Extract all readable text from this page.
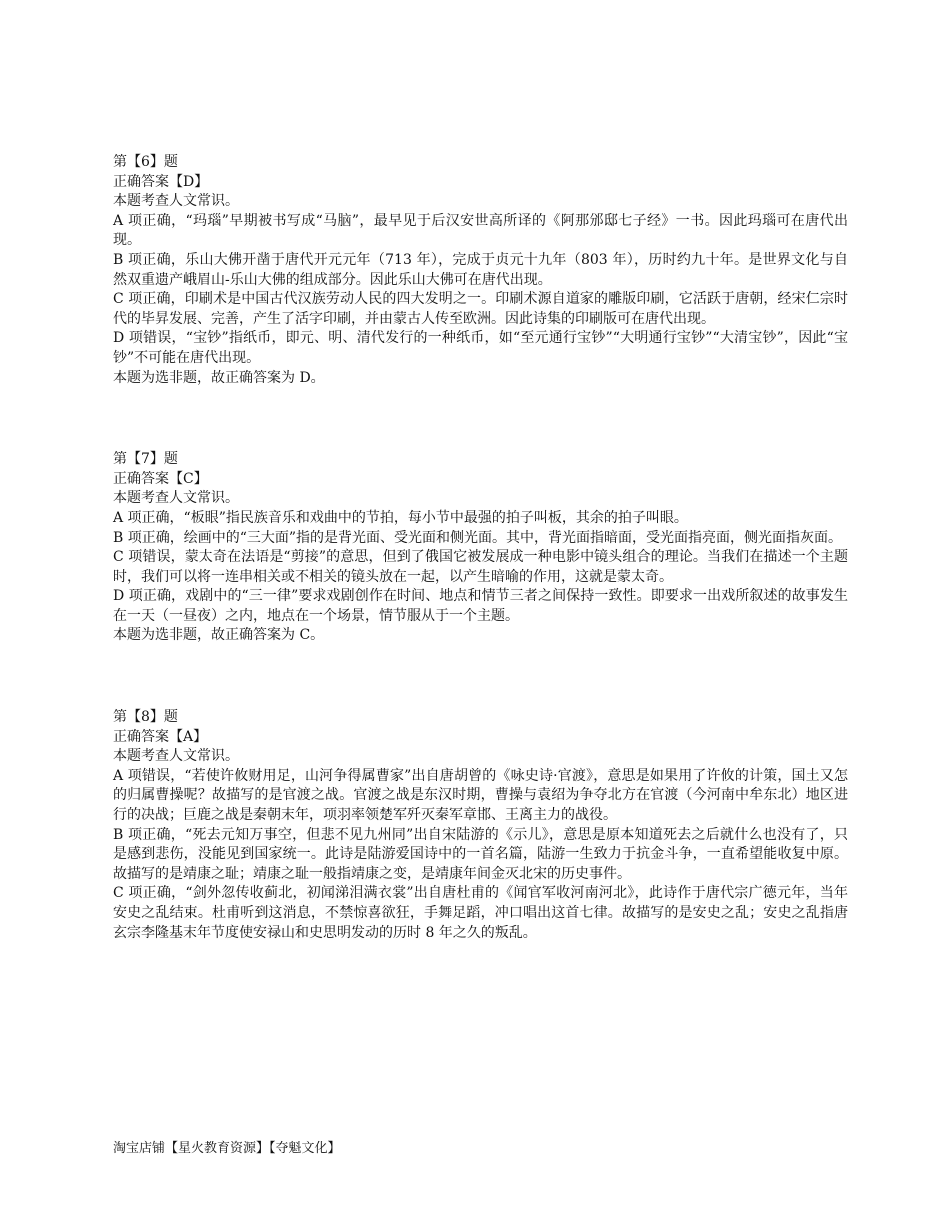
第【6】题

正确答案【D】

本题考查人文常识。

A 项正确，“玛瑙”早期被书写成“马脑”，最早见于后汉安世高所译的《阿那邠邸七子经》一书。因此玛瑙可在唐代出现。

B 项正确，乐山大佛开凿于唐代开元元年（713 年），完成于贞元十九年（803 年），历时约九十年。是世界文化与自然双重遗产峨眉山-乐山大佛的组成部分。因此乐山大佛可在唐代出现。

C 项正确，印刷术是中国古代汉族劳动人民的四大发明之一。印刷术源自道家的雕版印刷，它活跃于唐朝，经宋仁宗时代的毕昇发展、完善，产生了活字印刷，并由蒙古人传至欧洲。因此诗集的印刷版可在唐代出现。

D 项错误，“宝钞”指纸币，即元、明、清代发行的一种纸币，如“至元通行宝钞”“大明通行宝钞”“大清宝钞”，因此“宝钞”不可能在唐代出现。

本题为选非题，故正确答案为 D。

第【7】题

正确答案【C】

本题考查人文常识。

A 项正确，“板眼”指民族音乐和戏曲中的节拍，每小节中最强的拍子叫板，其余的拍子叫眼。

B 项正确，绘画中的“三大面”指的是背光面、受光面和侧光面。其中，背光面指暗面，受光面指亮面，侧光面指灰面。

C 项错误，蒙太奇在法语是“剪接”的意思，但到了俄国它被发展成一种电影中镜头组合的理论。当我们在描述一个主题时，我们可以将一连串相关或不相关的镜头放在一起，以产生暗喻的作用，这就是蒙太奇。

D 项正确，戏剧中的“三一律”要求戏剧创作在时间、地点和情节三者之间保持一致性。即要求一出戏所叙述的故事发生在一天（一昼夜）之内，地点在一个场景，情节服从于一个主题。

本题为选非题，故正确答案为 C。

第【8】题

正确答案【A】

本题考查人文常识。

A 项错误，“若使许攸财用足，山河争得属曹家”出自唐胡曾的《咏史诗·官渡》，意思是如果用了许攸的计策，国土又怎的归属曹操呢？故描写的是官渡之战。官渡之战是东汉时期，曹操与袁绍为争夺北方在官渡（今河南中牟东北）地区进行的决战；巨鹿之战是秦朝末年，项羽率领楚军歼灭秦军章邯、王离主力的战役。

B 项正确，“死去元知万事空，但悲不见九州同”出自宋陆游的《示儿》，意思是原本知道死去之后就什么也没有了，只是感到悲伤，没能见到国家统一。此诗是陆游爱国诗中的一首名篇，陆游一生致力于抗金斗争，一直希望能收复中原。故描写的是靖康之耻；靖康之耻一般指靖康之变，是靖康年间金灭北宋的历史事件。

C 项正确，“剑外忽传收蓟北，初闻涕泪满衣裳”出自唐杜甫的《闻官军收河南河北》，此诗作于唐代宗广德元年，当年安史之乱结束。杜甫听到这消息，不禁惊喜欲狂，手舞足蹈，冲口唱出这首七律。故描写的是安史之乱；安史之乱指唐玄宗李隆基末年节度使安禄山和史思明发动的历时 8 年之久的叛乱。

淘宝店铺【星火教育资源】【夺魁文化】
